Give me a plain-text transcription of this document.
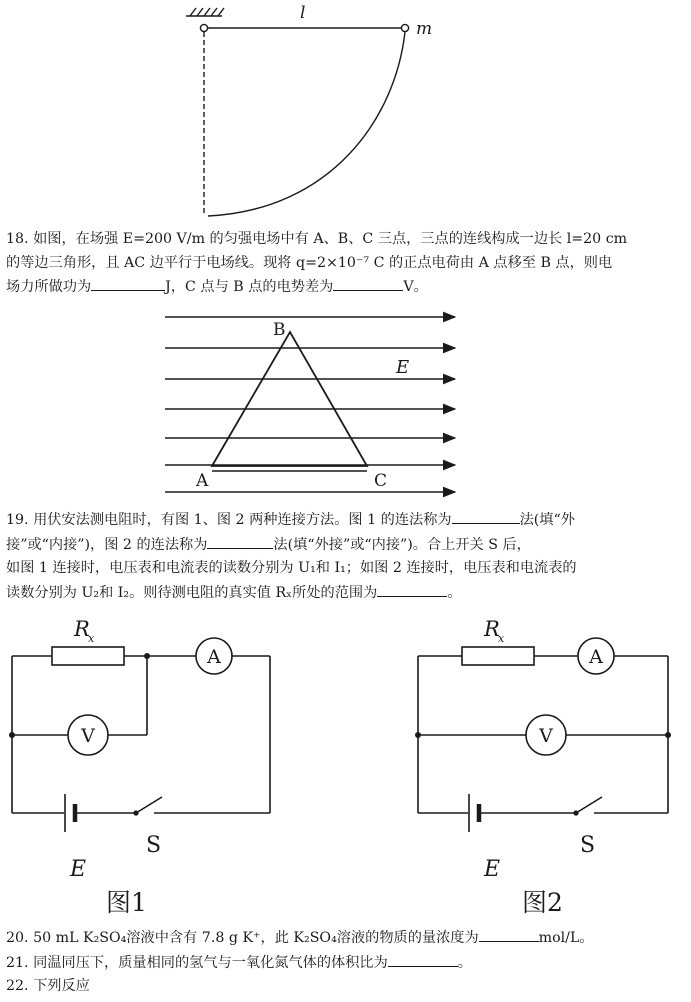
l
m

18. 如图，在场强 E=200 V/m 的匀强电场中有 A、B、C 三点，三点的连线构成一边长 l=20 cm

的等边三角形，且 AC 边平行于电场线。现将 q=2×10⁻⁷ C 的正点电荷由 A 点移至 B 点，则电

场力所做功为	J，C 点与 B 点的电势差为	V。

B
E
A	C

19. 用伏安法测电阻时，有图 1、图 2 两种连接方法。图 1 的连法称为	法(填“外

接”或“内接”)，图 2 的连法称为	法(填“外接”或“内接”)。合上开关 S 后，

如图 1 连接时，电压表和电流表的读数分别为 U₁和 I₁；如图 2 连接时，电压表和电流表的

读数分别为 U₂和 I₂。则待测电阻的真实值 Rₓ所处的范围为	。

R
x
A
V
S
E
图1
R
x
A
V
S
E
图2

20. 50 mL K₂SO₄溶液中含有 7.8 g K⁺，此 K₂SO₄溶液的物质的量浓度为	mol/L。

21. 同温同压下，质量相同的氢气与一氧化氮气体的体积比为	。

22. 下列反应
